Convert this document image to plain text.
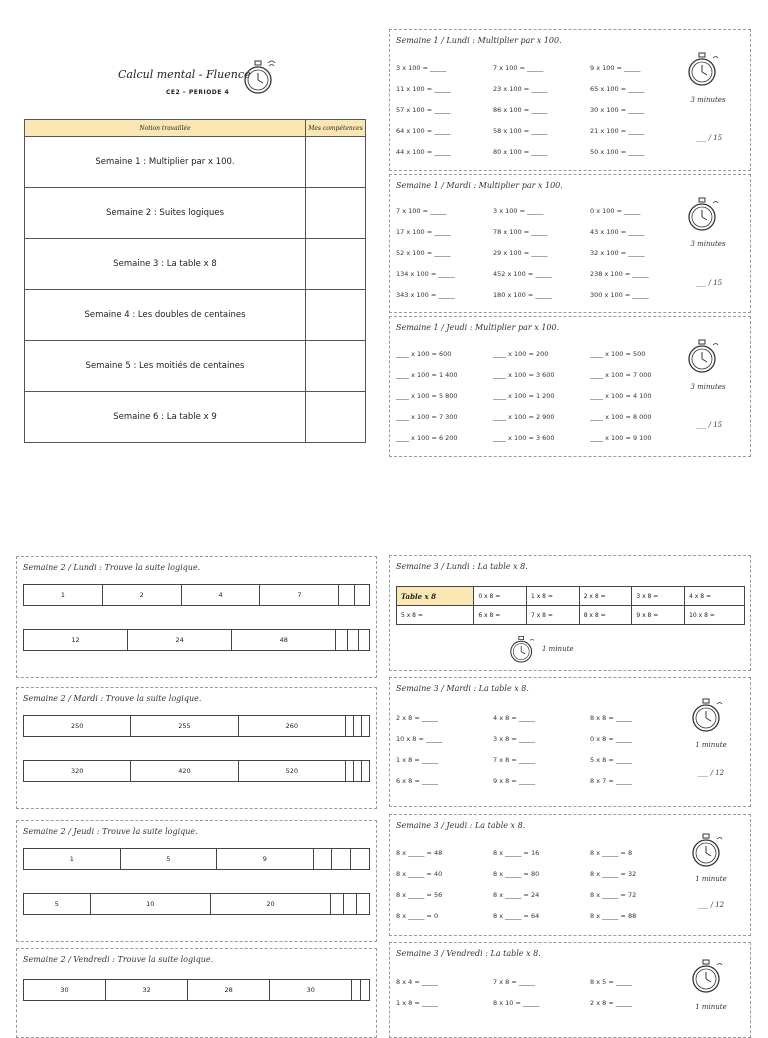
Calcul mental - Fluence
CE2 – PERIODE 4
Notion travaillée	Mes compétences
Semaine 1 : Multiplier par x 100.	
Semaine 2 : Suites logiques	
Semaine 3 : La table x 8	
Semaine 4 : Les doubles de centaines	
Semaine 5 : Les moitiés de centaines	
Semaine 6 : La table x 9	
Semaine 1 / Lundi : Multiplier par x 100.
3 x 100 = _____
11 x 100 = _____
57 x 100 = _____
64 x 100 = _____
44 x 100 = _____
7 x 100 = _____
23 x 100 = _____
86 x 100 = _____
58 x 100 = _____
80 x 100 = _____
9 x 100 = _____
65 x 100 = _____
30 x 100 = _____
21 x 100 = _____
50 x 100 = _____
3 minutes
___ / 15
Semaine 1 / Mardi : Multiplier par x 100.
7 x 100 = _____
17 x 100 = _____
52 x 100 = _____
134 x 100 = _____
343 x 100 = _____
3 x 100 = _____
78 x 100 = _____
29 x 100 = _____
452 x 100 = _____
180 x 100 = _____
0 x 100 = _____
43 x 100 = _____
32 x 100 = _____
238 x 100 = _____
300 x 100 = _____
3 minutes
___ / 15
Semaine 1 / Jeudi : Multiplier par x 100.
____ x 100 = 600
____ x 100 = 1 400
____ x 100 = 5 800
____ x 100 = 7 300
____ x 100 = 6 200
____ x 100 = 200
____ x 100 = 3 600
____ x 100 = 1 200
____ x 100 = 2 900
____ x 100 = 3 600
____ x 100 = 500
____ x 100 = 7 000
____ x 100 = 4 100
____ x 100 = 8 000
____ x 100 = 9 100
3 minutes
___ / 15
Semaine 2 / Lundi : Trouve la suite logique.
1	2	4	7		
12	24	48			
Semaine 2 / Mardi : Trouve la suite logique.
250	255	260			
320	420	520			
Semaine 2 / Jeudi : Trouve la suite logique.
1	5	9			
5	10	20			
Semaine 2 / Vendredi : Trouve la suite logique.
30	32	28	30		
Semaine 3 / Lundi : La table x 8.
Table x 8	0 x 8 =	1 x 8 =	2 x 8 =	3 x 8 =	4 x 8 =
5 x 8 =	6 x 8 =	7 x 8 =	8 x 8 =	9 x 8 =	10 x 8 =
1 minute
Semaine 3 / Mardi : La table x 8.
2 x 8 = _____
10 x 8 = _____
1 x 8 = _____
6 x 8 = _____
4 x 8 = _____
3 x 8 = _____
7 x 8 = _____
9 x 8 = _____
8 x 8 = _____
0 x 8 = _____
5 x 8 = _____
8 x 7 = _____
1 minute
___ / 12
Semaine 3 / Jeudi : La table x 8.
8 x _____ = 48
8 x _____ = 40
8 x _____ = 56
8 x _____ = 0
8 x _____ = 16
8 x _____ = 80
8 x _____ = 24
8 x _____ = 64
8 x _____ = 8
8 x _____ = 32
8 x _____ = 72
8 x _____ = 88
1 minute
___ / 12
Semaine 3 / Vendredi : La table x 8.
8 x 4 = _____
1 x 8 = _____
7 x 8 = _____
8 x 10 = _____
8 x 5 = _____
2 x 8 = _____	1 minute
